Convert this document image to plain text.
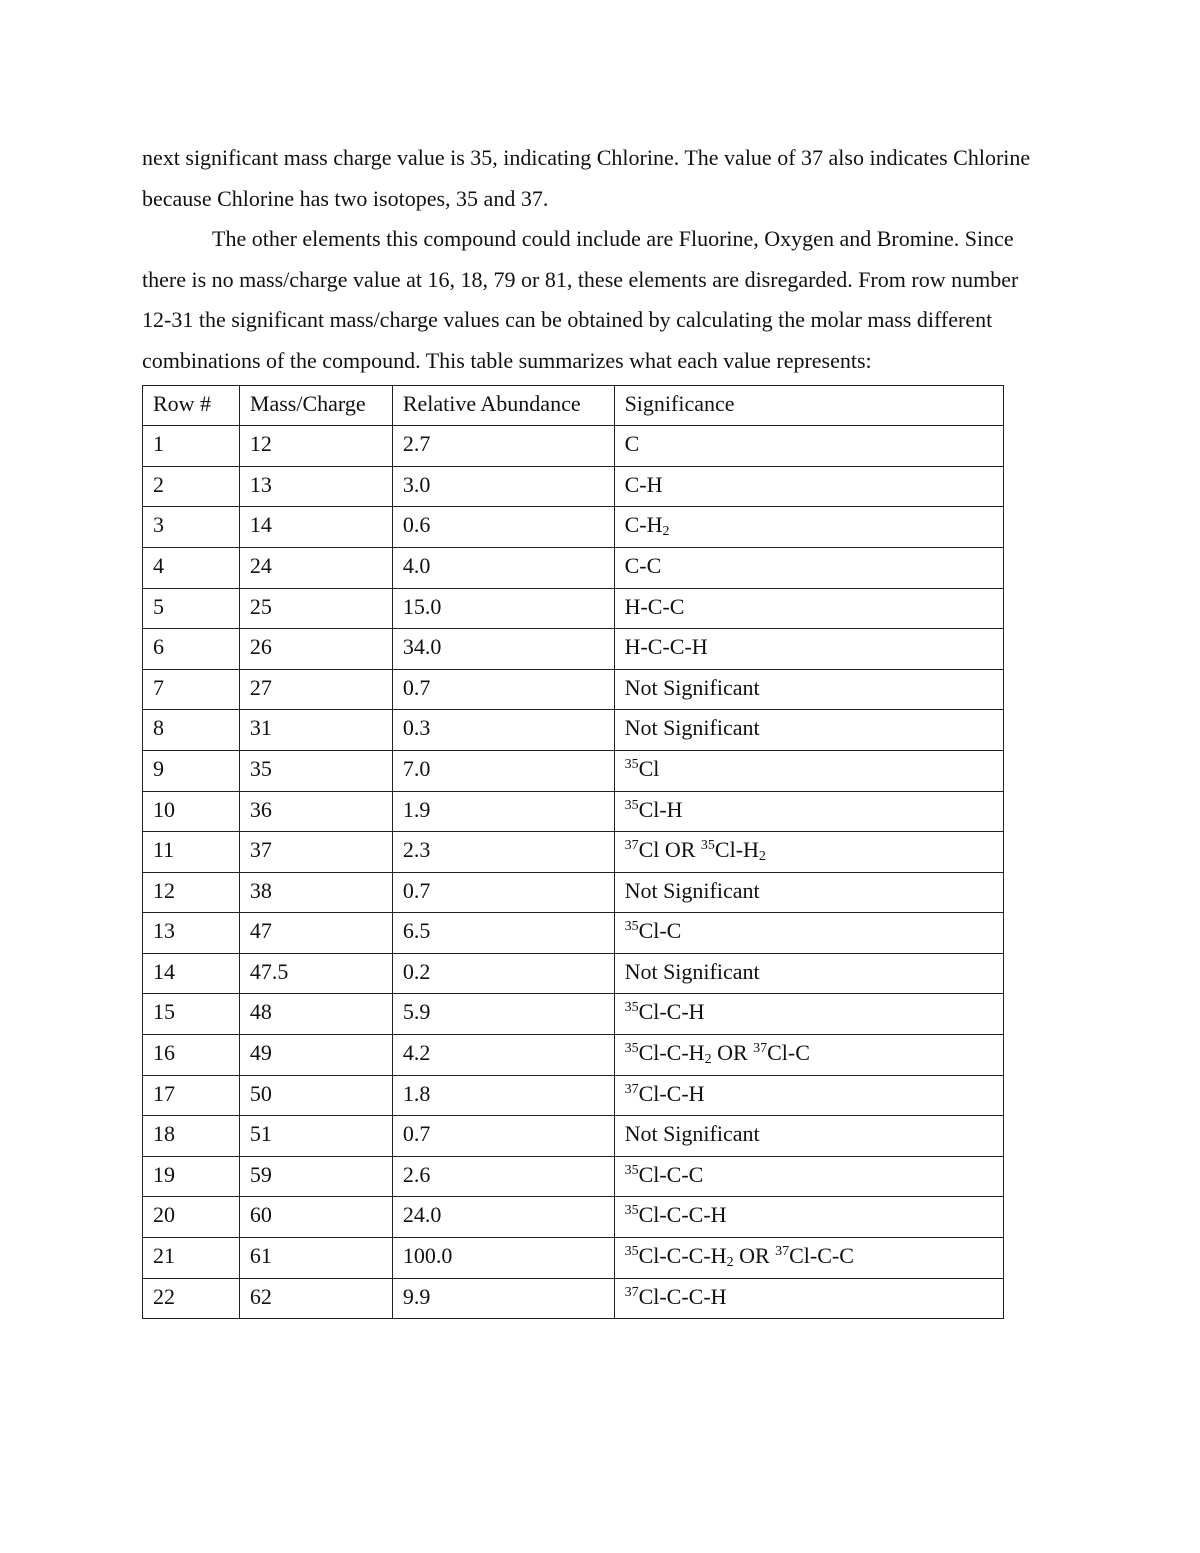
next significant mass charge value is 35, indicating Chlorine. The value of 37 also indicates Chlorine because Chlorine has two isotopes, 35 and 37.

The other elements this compound could include are Fluorine, Oxygen and Bromine. Since there is no mass/charge value at 16, 18, 79 or 81, these elements are disregarded. From row number 12-31 the significant mass/charge values can be obtained by calculating the molar mass different combinations of the compound. This table summarizes what each value represents:

Row #	Mass/Charge	Relative Abundance	Significance
1	12	2.7	C
2	13	3.0	C-H
3	14	0.6	$C-H_2$
4	24	4.0	C-C
5	25	15.0	H-C-C
6	26	34.0	H-C-C-H
7	27	0.7	Not Significant
8	31	0.3	Not Significant
9	35	7.0	$^{35}$Cl
10	36	1.9	$^{35}$Cl-H
11	37	2.3	$^{37}$Cl OR $^{35}Cl-H_2$
12	38	0.7	Not Significant
13	47	6.5	$^{35}$Cl-C
14	47.5	0.2	Not Significant
15	48	5.9	$^{35}$Cl-C-H
16	49	4.2	$^{35}Cl-C-H_2$ OR $^{37}$Cl-C
17	50	1.8	$^{37}$Cl-C-H
18	51	0.7	Not Significant
19	59	2.6	$^{35}$Cl-C-C
20	60	24.0	$^{35}$Cl-C-C-H
21	61	100.0	$^{35}Cl-C-C-H_2$ OR $^{37}$Cl-C-C
22	62	9.9	$^{37}$Cl-C-C-H
